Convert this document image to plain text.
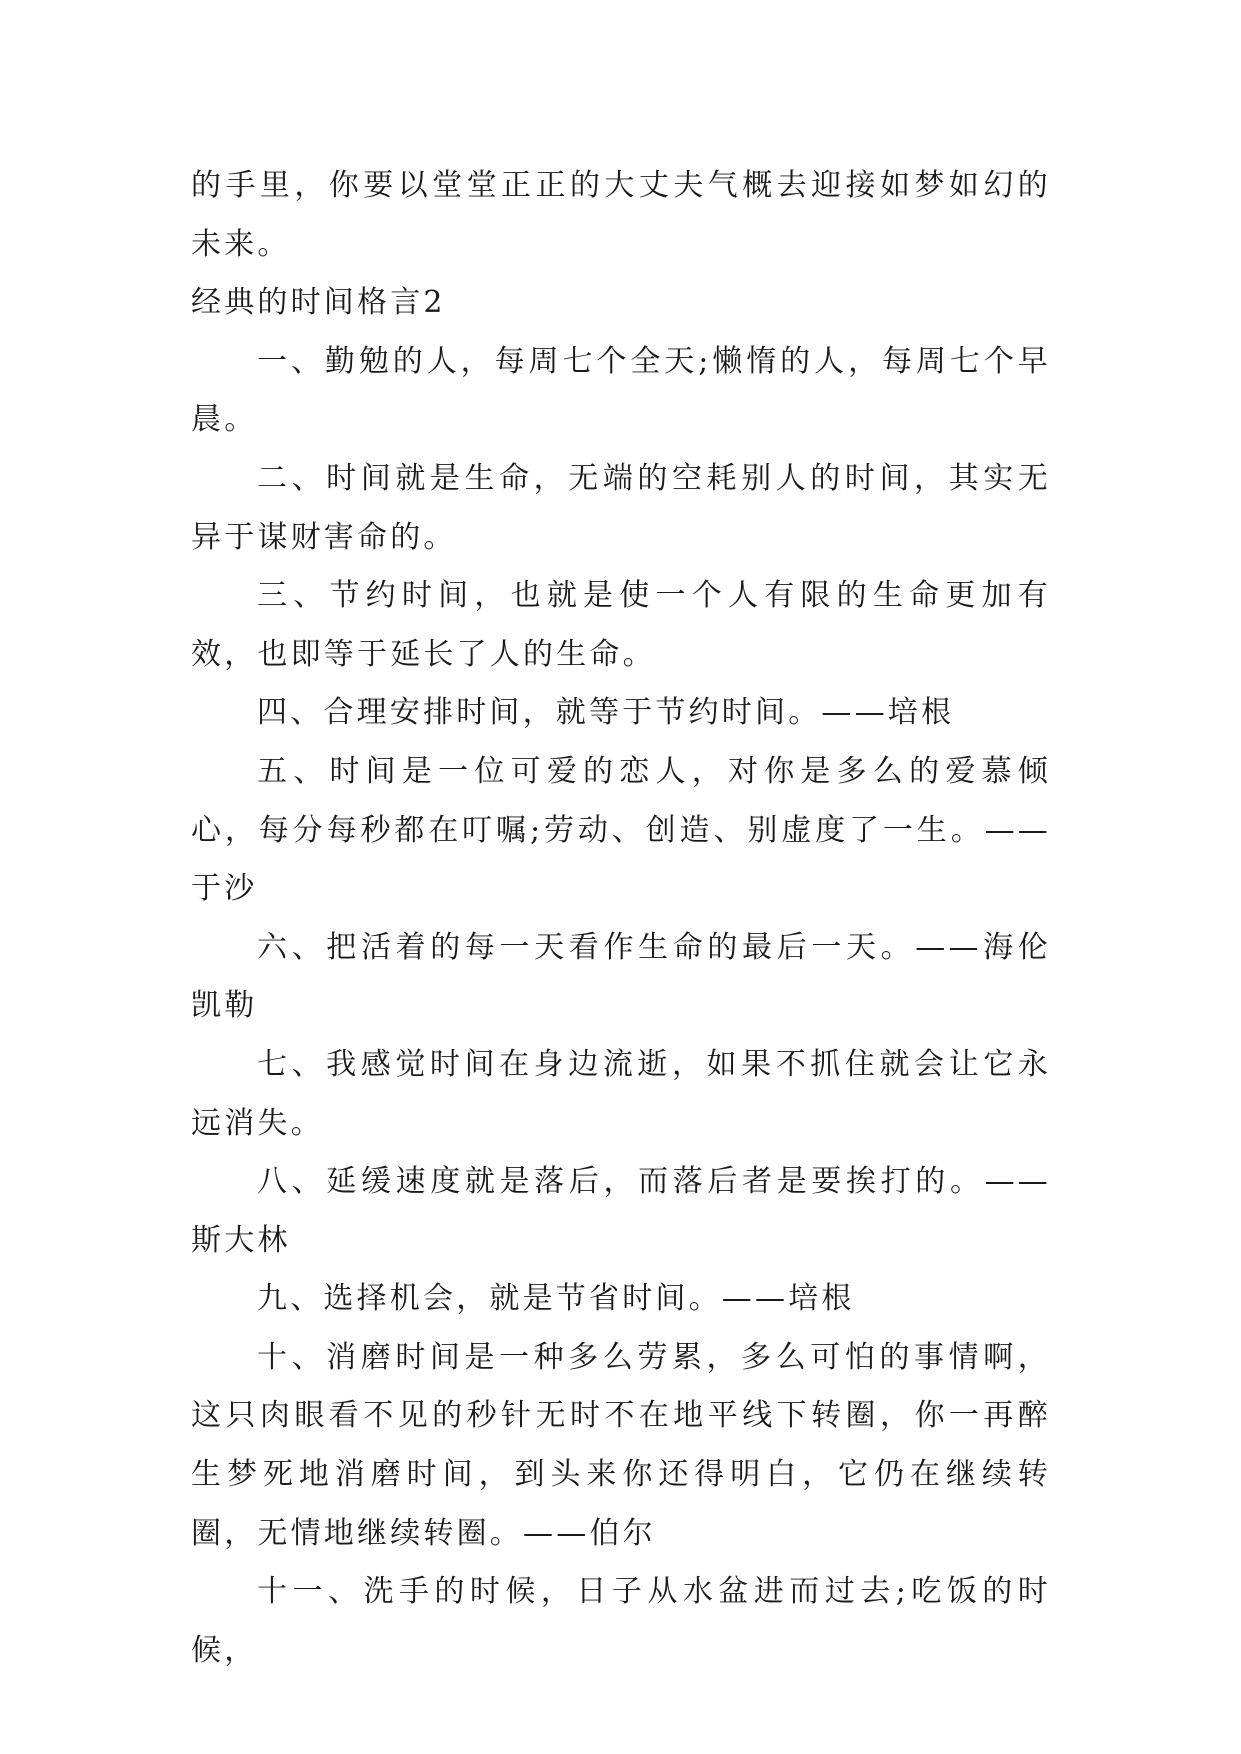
的手里，你要以堂堂正正的大丈夫气概去迎接如梦如幻的未来。

经典的时间格言2

一、勤勉的人，每周七个全天;懒惰的人，每周七个早晨。

二、时间就是生命，无端的空耗别人的时间，其实无异于谋财害命的。

三、节约时间，也就是使一个人有限的生命更加有效，也即等于延长了人的生命。

四、合理安排时间，就等于节约时间。——培根

五、时间是一位可爱的恋人，对你是多么的爱慕倾心，每分每秒都在叮嘱;劳动、创造、别虚度了一生。——于沙

六、把活着的每一天看作生命的最后一天。——海伦凯勒

七、我感觉时间在身边流逝，如果不抓住就会让它永远消失。

八、延缓速度就是落后，而落后者是要挨打的。——斯大林

九、选择机会，就是节省时间。——培根

十、消磨时间是一种多么劳累，多么可怕的事情啊，这只肉眼看不见的秒针无时不在地平线下转圈，你一再醉生梦死地消磨时间，到头来你还得明白，它仍在继续转圈，无情地继续转圈。——伯尔

十一、洗手的时候，日子从水盆进而过去;吃饭的时候，
